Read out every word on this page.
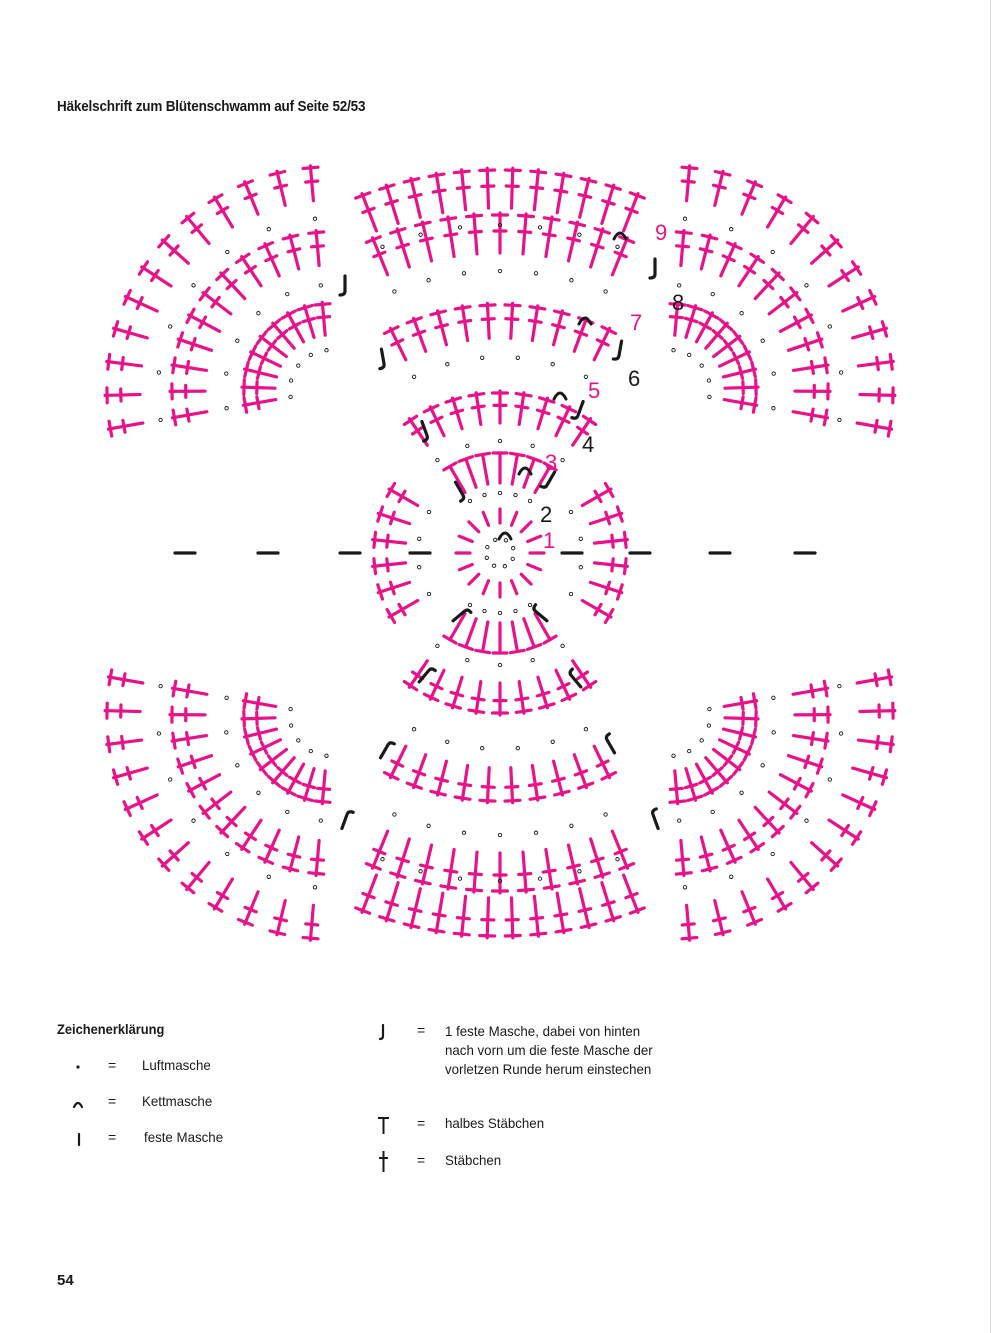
Häkelschrift zum Blütenschwamm auf Seite 52/53
1
2
3
4
5 6
7
8
9
Zeichenerklärung
= Luftmasche
= Kettmasche
= feste Masche
= 1 feste Masche, dabei von hinten nach vorn um die feste Masche der vorletzen Runde herum einstechen
= halbes Stäbchen
= Stäbchen
54
